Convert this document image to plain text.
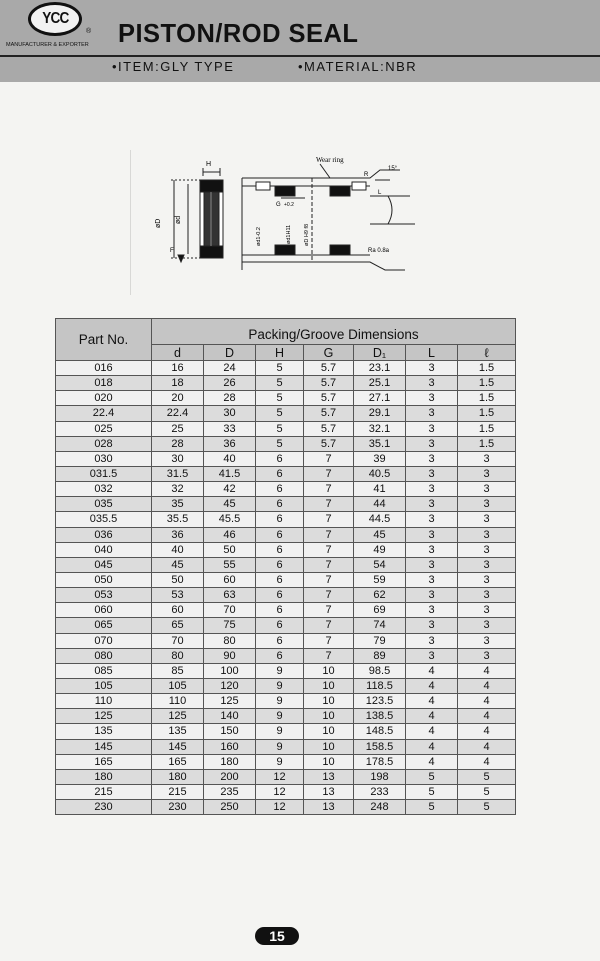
YCC
®
MANUFACTURER & EXPORTER PISTON/ROD SEAL
•ITEM:GLY TYPE	•MATERIAL:NBR
H
øD ød
F
Wear ring
15°
R
L
G +0.2
ød1-0.2	ød1H11 øD H9 f8
Ra 0.8a
Part No.	Packing/Groove Dimensions						
	d	D	H	G	D₁	L	ℓ
016	16	24	5	5.7	23.1	3	1.5
018	18	26	5	5.7	25.1	3	1.5
020	20	28	5	5.7	27.1	3	1.5
22.4	22.4	30	5	5.7	29.1	3	1.5
025	25	33	5	5.7	32.1	3	1.5
028	28	36	5	5.7	35.1	3	1.5
030	30	40	6	7	39	3	3
031.5	31.5	41.5	6	7	40.5	3	3
032	32	42	6	7	41	3	3
035	35	45	6	7	44	3	3
035.5	35.5	45.5	6	7	44.5	3	3
036	36	46	6	7	45	3	3
040	40	50	6	7	49	3	3
045	45	55	6	7	54	3	3
050	50	60	6	7	59	3	3
053	53	63	6	7	62	3	3
060	60	70	6	7	69	3	3
065	65	75	6	7	74	3	3
070	70	80	6	7	79	3	3
080	80	90	6	7	89	3	3
085	85	100	9	10	98.5	4	4
105	105	120	9	10	118.5	4	4
110	110	125	9	10	123.5	4	4
125	125	140	9	10	138.5	4	4
135	135	150	9	10	148.5	4	4
145	145	160	9	10	158.5	4	4
165	165	180	9	10	178.5	4	4
180	180	200	12	13	198	5	5
215	215	235	12	13	233	5	5
230	230	250	12	13	248	5	5
15
